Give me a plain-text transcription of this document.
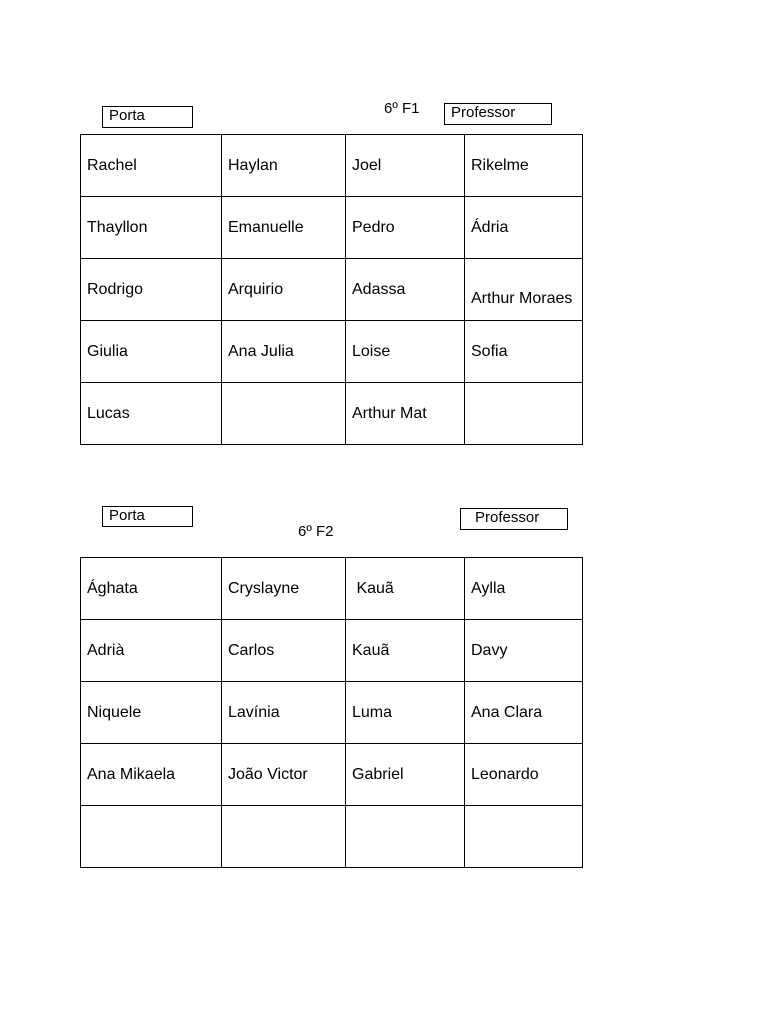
Porta	6º F1	Professor
Rachel	Haylan	Joel	Rikelme
Thayllon	Emanuelle	Pedro	Ádria
Rodrigo	Arquirio	Adassa	Arthur Moraes
Giulia	Ana Julia	Loise	Sofia
Lucas		Arthur Mat	
Porta
6º F2
Professor
Ághata	Cryslayne	Kauã	Aylla
Adrià	Carlos	Kauã	Davy
Niquele	Lavínia	Luma	Ana Clara
Ana Mikaela	João Victor	Gabriel	Leonardo
